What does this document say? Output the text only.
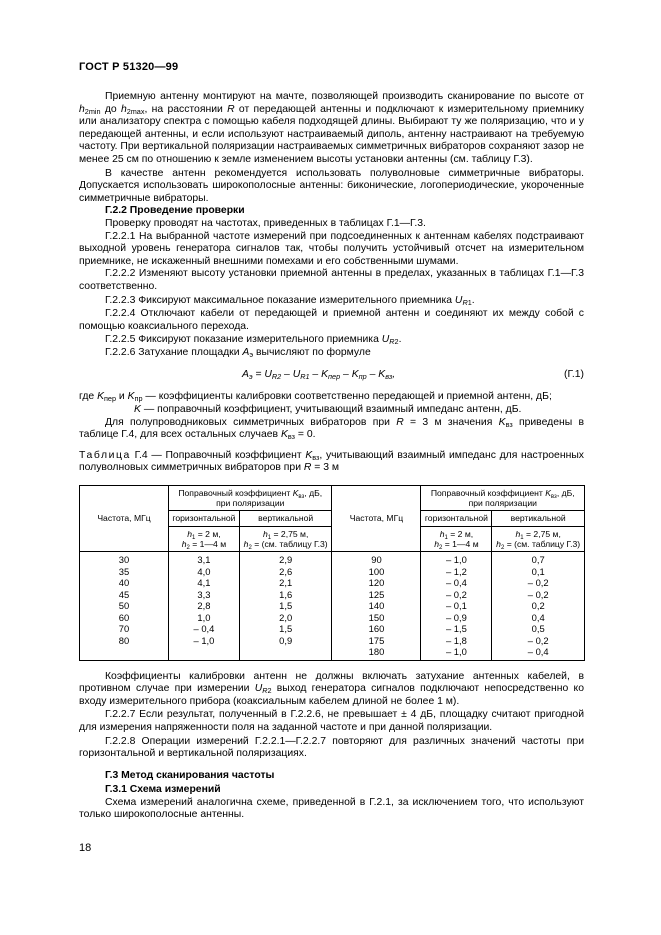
ГОСТ Р 51320—99

Приемную антенну монтируют на мачте, позволяющей производить сканирование по высоте от $h_{2min}$ до $h_{2max}$, на расстоянии R от передающей антенны и подключают к измерительному приемнику или анализатору спектра с помощью кабеля подходящей длины. Выбирают ту же поляризацию, что и у передающей антенны, и если используют настраиваемый диполь, антенну настраивают на требуемую частоту. При вертикальной поляризации настраиваемых симметричных вибраторов сохраняют зазор не менее 25 см по отношению к земле изменением высоты установки антенны (см. таблицу Г.3).

В качестве антенн рекомендуется использовать полуволновые симметричные вибраторы. Допускается использовать широкополосные антенны: биконические, логопериодические, укороченные симметричные вибраторы.

Г.2.2 Проведение проверки

Проверку проводят на частотах, приведенных в таблицах Г.1—Г.3.

Г.2.2.1 На выбранной частоте измерений при подсоединенных к антеннам кабелях подстраивают выходной уровень генератора сигналов так, чтобы получить устойчивый отсчет на измерительном приемнике, не искаженный внешними помехами и его собственными шумами.

Г.2.2.2 Изменяют высоту установки приемной антенны в пределах, указанных в таблицах Г.1—Г.3 соответственно.

Г.2.2.3 Фиксируют максимальное показание измерительного приемника $U_{R1}$.

Г.2.2.4 Отключают кабели от передающей и приемной антенн и соединяют их между собой с помощью коаксиального перехода.

Г.2.2.5 Фиксируют показание измерительного приемника $U_{R2}$.

Г.2.2.6 Затухание площадки $A_э$ вычисляют по формуле

$A_э = U_{R2} - U_{R1} - K_{пер} - K_{пр} - K_{вз}$,	(Г.1)

где $K_{пер}$ и $K_{пр}$ — коэффициенты калибровки соответственно передающей и приемной антенн, дБ;

K — поправочный коэффициент, учитывающий взаимный импеданс антенн, дБ.

Для полупроводниковых симметричных вибраторов при R = 3 м значения $K_{вз}$ приведены в таблице Г.4, для всех остальных случаев $K_{вз} = 0$.

Таблица Г.4 — Поправочный коэффициент $K_{вз}$, учитывающий взаимный импеданс для настроенных полуволновых симметричных вибраторов при R = 3 м

Частота, МГц	Поправочный коэффициент $K_{вз}$, дБ,
при поляризации		Частота, МГц	Поправочный коэффициент $K_{вз}$, дБ,
при поляризации	
	горизонтальной	вертикальной		горизонтальной	вертикальной
	$h_1 = 2$ м,
$h_2$ = 1—4 м	$h_1 = 2,75$ м,
$h_2 = (см$. таблицу Г.3)		$h_1 = 2$ м,
$h_2$ = 1—4 м	$h_1 = 2,75$ м,
$h_2 = (см$. таблицу Г.3)
30	3,1	2,9	90	– 1,0	0,7
35	4,0	2,6	100	– 1,2	0,1
40	4,1	2,1	120	– 0,4	– 0,2
45	3,3	1,6	125	– 0,2	– 0,2
50	2,8	1,5	140	– 0,1	0,2
60	1,0	2,0	150	– 0,9	0,4
70	– 0,4	1,5	160	– 1,5	0,5
80	– 1,0	0,9	175	– 1,8	– 0,2
			180	– 1,0	– 0,4

Коэффициенты калибровки антенн не должны включать затухание антенных кабелей, в противном случае при измерении $U_{R2}$ выход генератора сигналов подключают непосредственно ко входу измерительного прибора (коаксиальным кабелем длиной не более 1 м).

Г.2.2.7 Если результат, полученный в Г.2.2.6, не превышает ± 4 дБ, площадку считают пригодной для измерения напряженности поля на заданной частоте и при данной поляризации.

Г.2.2.8 Операции измерений Г.2.2.1—Г.2.2.7 повторяют для различных значений частоты при горизонтальной и вертикальной поляризациях.

Г.3 Метод сканирования частоты

Г.3.1 Схема измерений

Схема измерений аналогична схеме, приведенной в Г.2.1, за исключением того, что используют только широкополосные антенны.

18
